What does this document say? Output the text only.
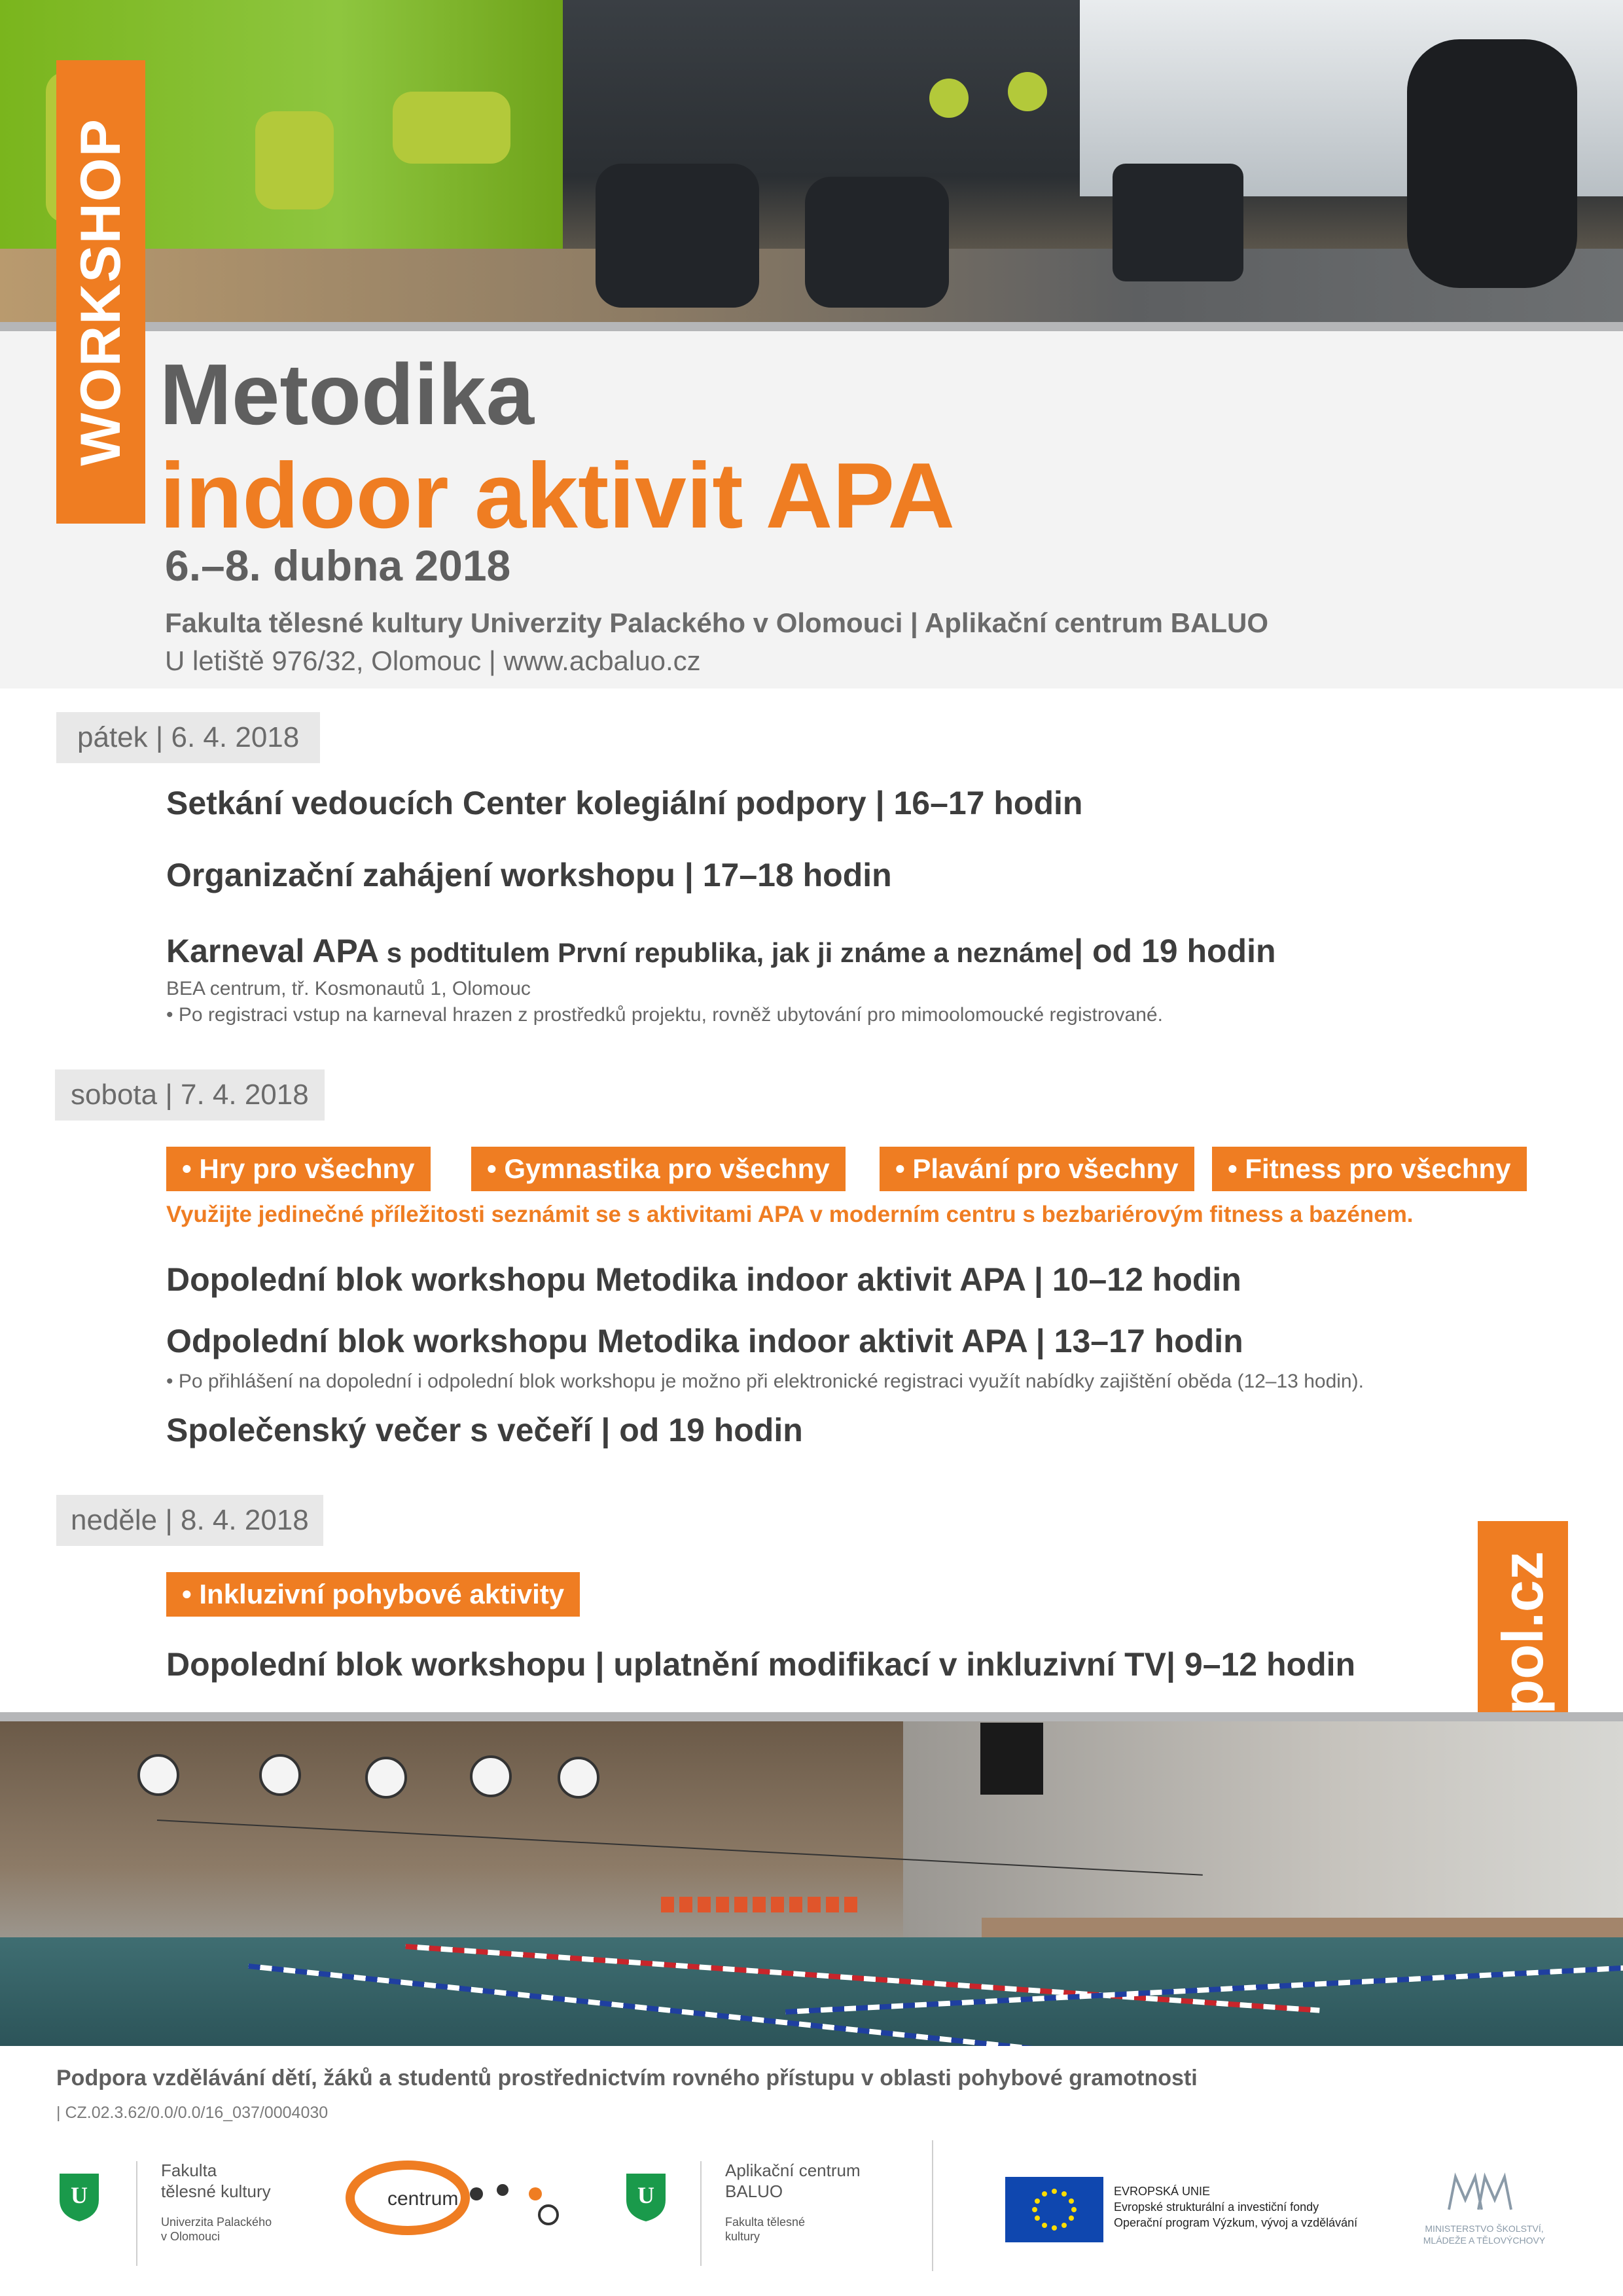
WORKSHOP Metodika
indoor aktivit APA
6.–8. dubna 2018
Fakulta tělesné kultury Univerzity Palackého v Olomouci | Aplikační centrum BALUO
U letiště 976/32, Olomouc | www.acbaluo.cz
pátek | 6. 4. 2018
Setkání vedoucích Center kolegiální podpory | 16–17 hodin
Organizační zahájení workshopu | 17–18 hodin
Karneval APA s podtitulem První republika, jak ji známe a neznáme| od 19 hodin
BEA centrum, tř. Kosmonautů 1, Olomouc
• Po registraci vstup na karneval hrazen z prostředků projektu, rovněž ubytování pro mimoolomoucké registrované.
sobota | 7. 4. 2018
• Hry pro všechny	• Gymnastika pro všechny	• Plavání pro všechny	• Fitness pro všechny
Využijte jedinečné příležitosti seznámit se s aktivitami APA v moderním centru s bezbariérovým fitness a bazénem.
Dopolední blok workshopu Metodika indoor aktivit APA | 10–12 hodin
Odpolední blok workshopu Metodika indoor aktivit APA | 13–17 hodin
• Po přihlášení na dopolední i odpolední blok workshopu je možno při elektronické registraci využít nabídky zajištění oběda (12–13 hodin).
Společenský večer s večeří | od 19 hodin
neděle | 8. 4. 2018
• Inkluzivní pohybové aktivity
Dopolední blok workshopu | uplatnění modifikací v inkluzivní TV| 9–12 hodin
Podpora vzdělávání dětí, žáků a studentů prostřednictvím rovného přístupu v oblasti pohybové gramotnosti
| CZ.02.3.62/0.0/0.0/16_037/0004030
U
Fakulta
tělesné kultury
Univerzita Palackého
v Olomouci
centrum	U
Aplikační centrum
BALUO
Fakulta tělesné
kultury
EVROPSKÁ UNIE
Evropské strukturální a investiční fondy
Operační program Výzkum, vývoj a vzdělávání	MINISTERSTVO ŠKOLSTVÍ,
MLÁDEŽE A TĚLOVÝCHOVY
